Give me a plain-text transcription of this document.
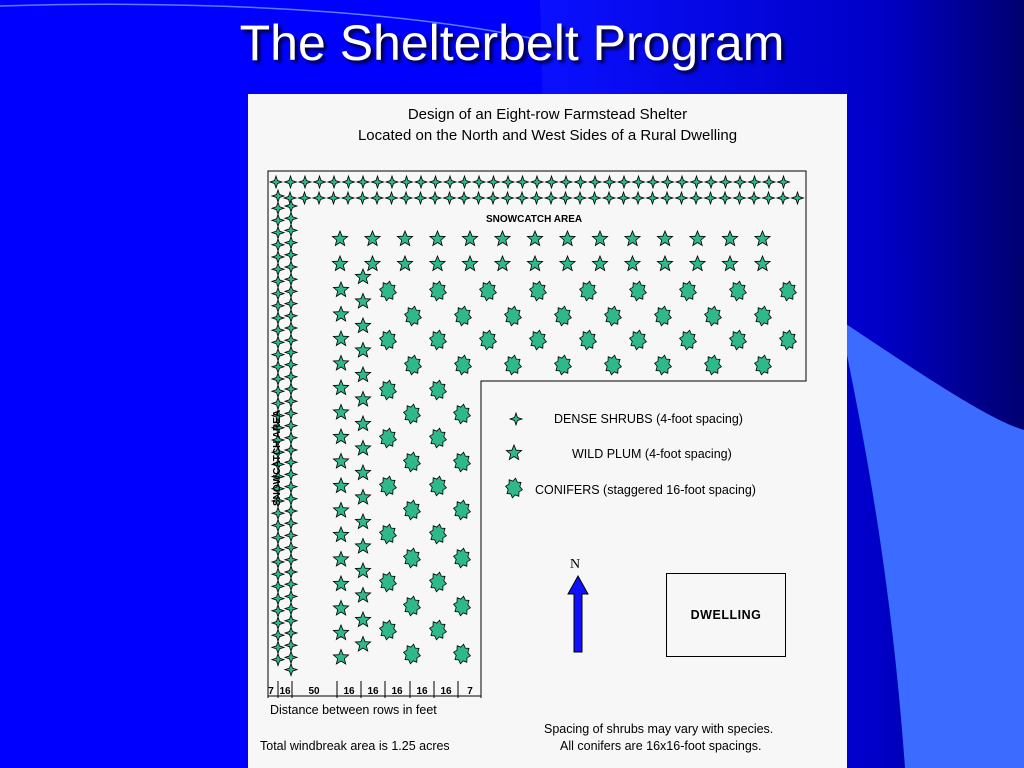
The Shelterbelt Program
Design of an Eight-row Farmstead Shelter
Located on the North and West Sides of a Rural Dwelling
SNOWCATCH AREA
SNOWCATCH AREA	DENSE SHRUBS (4-foot spacing)
WILD PLUM (4-foot spacing)
CONIFERS (staggered 16-foot spacing)
N
DWELLING
7 16	50	16	16	16	16	16	7
Distance between rows in feet
Total windbreak area is 1.25 acres
Spacing of shrubs may vary with species.
All conifers are 16x16-foot spacings.
